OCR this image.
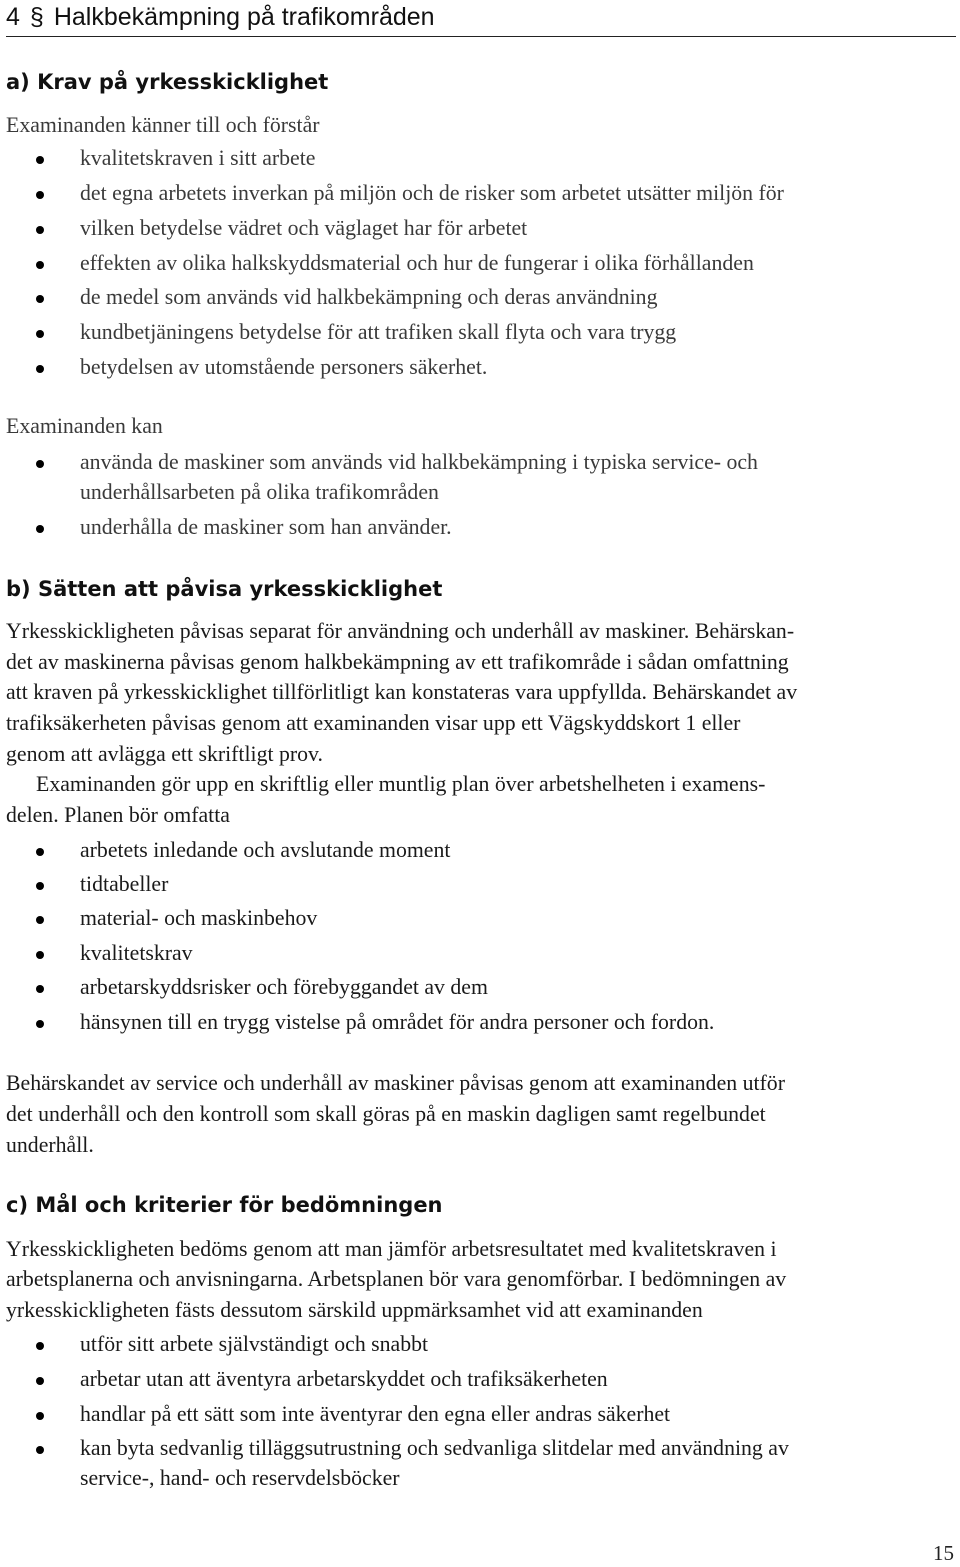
4 § Halkbekämpning på trafikområden
a) Krav på yrkesskicklighet

Examinanden känner till och förstår

kvalitetskraven i sitt arbete
det egna arbetets inverkan på miljön och de risker som arbetet utsätter miljön för
vilken betydelse vädret och väglaget har för arbetet
effekten av olika halkskyddsmaterial och hur de fungerar i olika förhållanden
de medel som används vid halkbekämpning och deras användning
kundbetjäningens betydelse för att trafiken skall flyta och vara trygg
betydelsen av utomstående personers säkerhet.

Examinanden kan

använda de maskiner som används vid halkbekämpning i typiska service- och

underhållsarbeten på olika trafikområden

underhålla de maskiner som han använder.
b) Sätten att påvisa yrkesskicklighet

Yrkesskickligheten påvisas separat för användning och underhåll av maskiner. Behärskan-

det av maskinerna påvisas genom halkbekämpning av ett trafikområde i sådan omfattning

att kraven på yrkesskicklighet tillförlitligt kan konstateras vara uppfyllda. Behärskandet av

trafiksäkerheten påvisas genom att examinanden visar upp ett Vägskyddskort 1 eller

genom att avlägga ett skriftligt prov.

Examinanden gör upp en skriftlig eller muntlig plan över arbetshelheten i examens-

delen. Planen bör omfatta

arbetets inledande och avslutande moment
tidtabeller
material- och maskinbehov
kvalitetskrav
arbetarskyddsrisker och förebyggandet av dem
hänsynen till en trygg vistelse på området för andra personer och fordon.

Behärskandet av service och underhåll av maskiner påvisas genom att examinanden utför

det underhåll och den kontroll som skall göras på en maskin dagligen samt regelbundet

underhåll.

c) Mål och kriterier för bedömningen

Yrkesskickligheten bedöms genom att man jämför arbetsresultatet med kvalitetskraven i

arbetsplanerna och anvisningarna. Arbetsplanen bör vara genomförbar. I bedömningen av

yrkesskickligheten fästs dessutom särskild uppmärksamhet vid att examinanden

utför sitt arbete självständigt och snabbt
arbetar utan att äventyra arbetarskyddet och trafiksäkerheten
handlar på ett sätt som inte äventyrar den egna eller andras säkerhet
kan byta sedvanlig tilläggsutrustning och sedvanliga slitdelar med användning av

service-, hand- och reservdelsböcker

15
